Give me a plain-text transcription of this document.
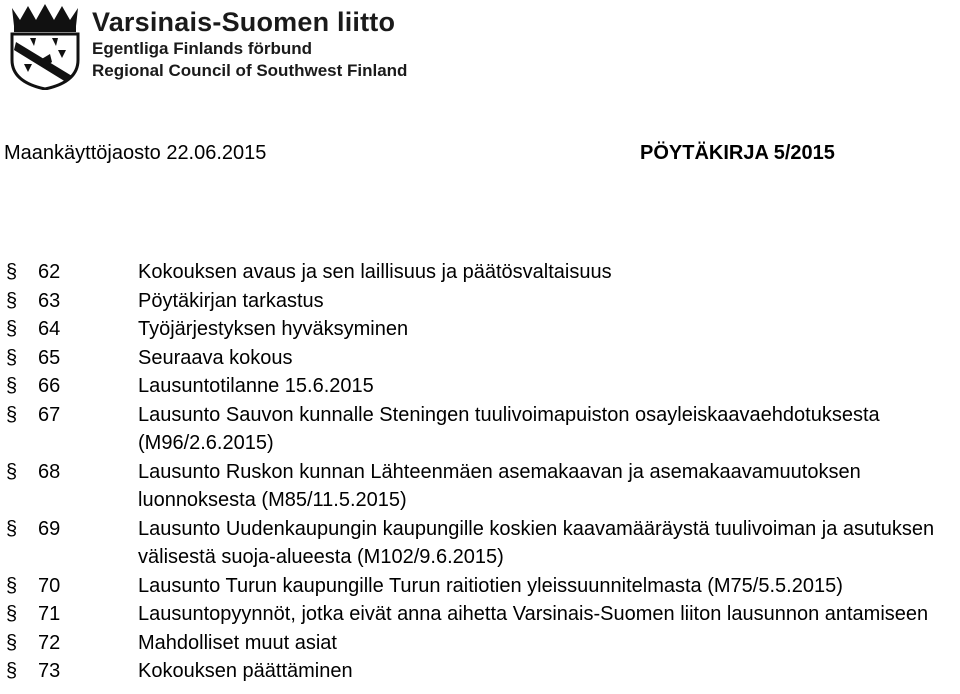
Varsinais-Suomen liitto
Egentliga Finlands förbund
Regional Council of Southwest Finland
Maankäyttöjaosto 22.06.2015	PÖYTÄKIRJA 5/2015
§ 62	Kokouksen avaus ja sen laillisuus ja päätösvaltaisuus
§ 63	Pöytäkirjan tarkastus
§ 64	Työjärjestyksen hyväksyminen
§ 65	Seuraava kokous
§ 66	Lausuntotilanne 15.6.2015
§ 67	Lausunto Sauvon kunnalle Steningen tuulivoimapuiston osayleiskaavaehdotuksesta (M96/2.6.2015)
§ 68	Lausunto Ruskon kunnan Lähteenmäen asemakaavan ja asemakaavamuutoksen luonnoksesta (M85/11.5.2015)
§ 69	Lausunto Uudenkaupungin kaupungille koskien kaavamääräystä tuulivoiman ja asutuksen välisestä suoja-alueesta (M102/9.6.2015)
§ 70	Lausunto Turun kaupungille Turun raitiotien yleissuunnitelmasta (M75/5.5.2015)
§ 71	Lausuntopyynnöt, jotka eivät anna aihetta Varsinais-Suomen liiton lausunnon antamiseen
§ 72	Mahdolliset muut asiat
§ 73	Kokouksen päättäminen
